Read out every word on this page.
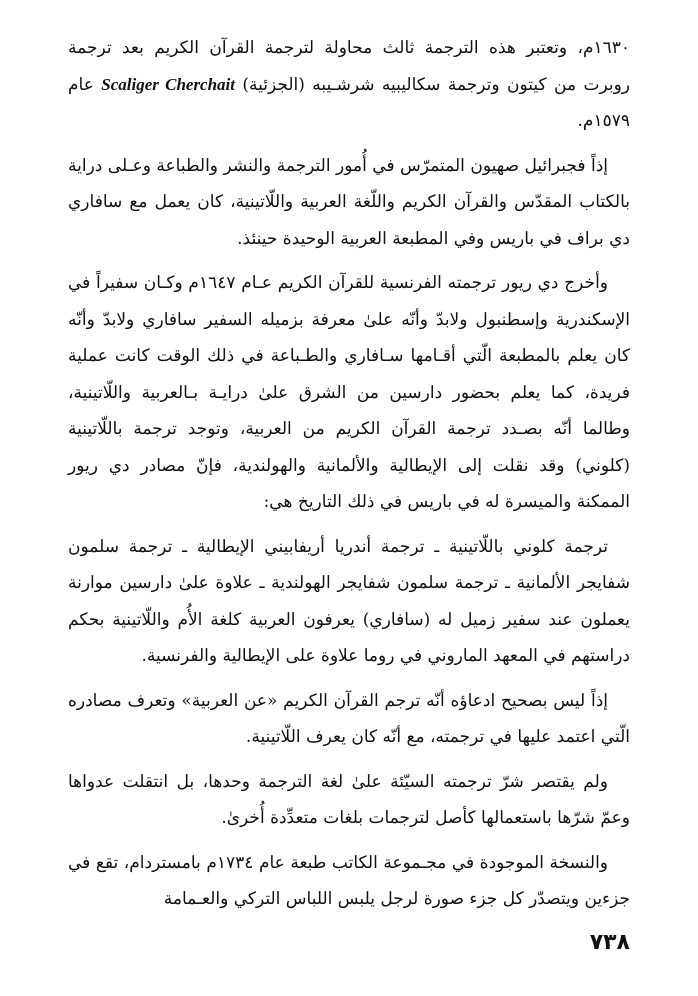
١٦٣٠م، وتعتبر هذه الترجمة ثالث محاولة لترجمة القرآن الكريم بعد ترجمة روبرت من كيتون وترجمة سكاليبيه شرشـيبه (الجزئية) Scaliger Cherchait عام ١٥٧٩م.

إذاً فجبرائيل صهيون المتمرّس في أُمور الترجمة والنشر والطباعة وعـلى دراية بالكتاب المقدّس والقرآن الكريم واللّغة العربية واللّاتينية، كان يعمل مع سافاري دي براف في باريس وفي المطبعة العربية الوحيدة حينئذ.

وأخرج دي ريور ترجمته الفرنسية للقرآن الكريم عـام ١٦٤٧م وكـان سفيراً في الإسكندرية وإسطنبول ولابدّ وأنّه علىٰ معرفة بزميله السفير سافاري ولابدّ وأنّه كان يعلم بالمطبعة الّتي أقـامها سـافاري والطـباعة في ذلك الوقت كانت عملية فريدة، كما يعلم بحضور دارسين من الشرق علىٰ درايـة بـالعربية واللّاتينية، وطالما أنّه بصـدد ترجمة القرآن الكريم من العربية، وتوجد ترجمة باللّاتينية (كلوني) وقد نقلت إلى الإيطالية والألمانية والهولندية، فإنّ مصادر دي ريور الممكنة والميسرة له في باريس في ذلك التاريخ هي:

ترجمة كلوني باللّاتينية ـ ترجمة أندريا أريفابيني الإيطالية ـ ترجمة سلمون شفايجر الألمانية ـ ترجمة سلمون شفايجر الهولندية ـ علاوة علىٰ دارسين موارنة يعملون عند سفير زميل له (سافاري) يعرفون العربية كلغة الأُم واللّاتينية بحكم دراستهم في المعهد الماروني في روما علاوة على الإيطالية والفرنسية.

إذاً ليس بصحيح ادعاؤه أنّه ترجم القرآن الكريم «عن العربية» وتعرف مصادره الّتي اعتمد عليها في ترجمته، مع أنّه كان يعرف اللّاتينية.

ولم يقتصر شرّ ترجمته السيّئة علىٰ لغة الترجمة وحدها، بل انتقلت عدواها وعمّ شرّها باستعمالها كأصل لترجمات بلغات متعدِّدة أُخرىٰ.

والنسخة الموجودة في مجـموعة الكاتب طبعة عام ١٧٣٤م بامستردام، تقع في جزءين ويتصدّر كل جزء صورة لرجل يلبس اللباس التركي والعـمامة

٧٣٨
